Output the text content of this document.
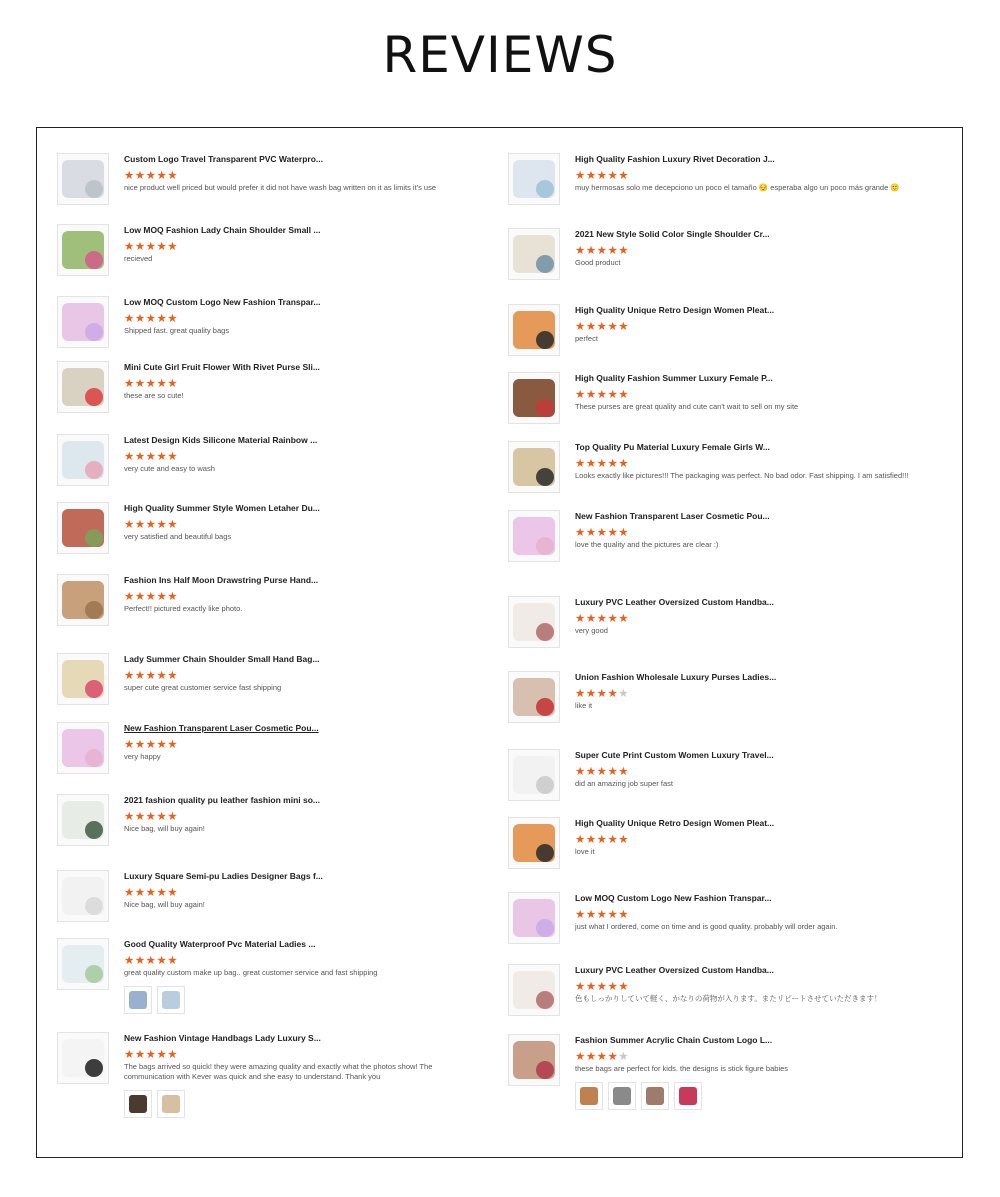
REVIEWS
Custom Logo Travel Transparent PVC Waterpro...
★★★★★
nice product well priced but would prefer it did not have wash bag written on it as limits it's use
Low MOQ Fashion Lady Chain Shoulder Small ...
★★★★★
recieved
Low MOQ Custom Logo New Fashion Transpar...
★★★★★
Shipped fast. great quality bags
Mini Cute Girl Fruit Flower With Rivet Purse Sli...
★★★★★
these are so cute!
Latest Design Kids Silicone Material Rainbow ...
★★★★★
very cute and easy to wash
High Quality Summer Style Women Letaher Du...
★★★★★
very satisfied and beautiful bags
Fashion Ins Half Moon Drawstring Purse Hand...
★★★★★
Perfect!! pictured exactly like photo.
Lady Summer Chain Shoulder Small Hand Bag...
★★★★★
super cute great customer service fast shipping
New Fashion Transparent Laser Cosmetic Pou...
★★★★★
very happy
2021 fashion quality pu leather fashion mini so...
★★★★★
Nice bag, will buy again!
Luxury Square Semi-pu Ladies Designer Bags f...
★★★★★
Nice bag, will buy again!
Good Quality Waterproof Pvc Material Ladies ...
★★★★★
great quality custom make up bag.. great customer service and fast shipping
New Fashion Vintage Handbags Lady Luxury S...
★★★★★
The bags arrived so quick! they were amazing quality and exactly what the photos show! The communication with Kever was quick and she easy to understand. Thank you
High Quality Fashion Luxury Rivet Decoration J...
★★★★★
muy hermosas solo me decepciono un poco el tamaño 😔 esperaba algo un poco más grande 🙂
2021 New Style Solid Color Single Shoulder Cr...
★★★★★
Good product
High Quality Unique Retro Design Women Pleat...
★★★★★
perfect
High Quality Fashion Summer Luxury Female P...
★★★★★
These purses are great quality and cute can't wait to sell on my site
Top Quality Pu Material Luxury Female Girls W...
★★★★★
Looks exactly like pictures!!! The packaging was perfect. No bad odor. Fast shipping. I am satisfied!!!
New Fashion Transparent Laser Cosmetic Pou...
★★★★★
love the quality and the pictures are clear :)
Luxury PVC Leather Oversized Custom Handba...
★★★★★
very good
Union Fashion Wholesale Luxury Purses Ladies...
★★★★★
like it
Super Cute Print Custom Women Luxury Travel...
★★★★★
did an amazing job super fast
High Quality Unique Retro Design Women Pleat...
★★★★★
love it
Low MOQ Custom Logo New Fashion Transpar...
★★★★★
just what I ordered, come on time and is good quality. probably will order again.
Luxury PVC Leather Oversized Custom Handba...
★★★★★
色もしっかりしていて軽く、かなりの荷物が入ります。またリピートさせていただきます！
Fashion Summer Acrylic Chain Custom Logo L...
★★★★★
these bags are perfect for kids. the designs is stick figure babies
